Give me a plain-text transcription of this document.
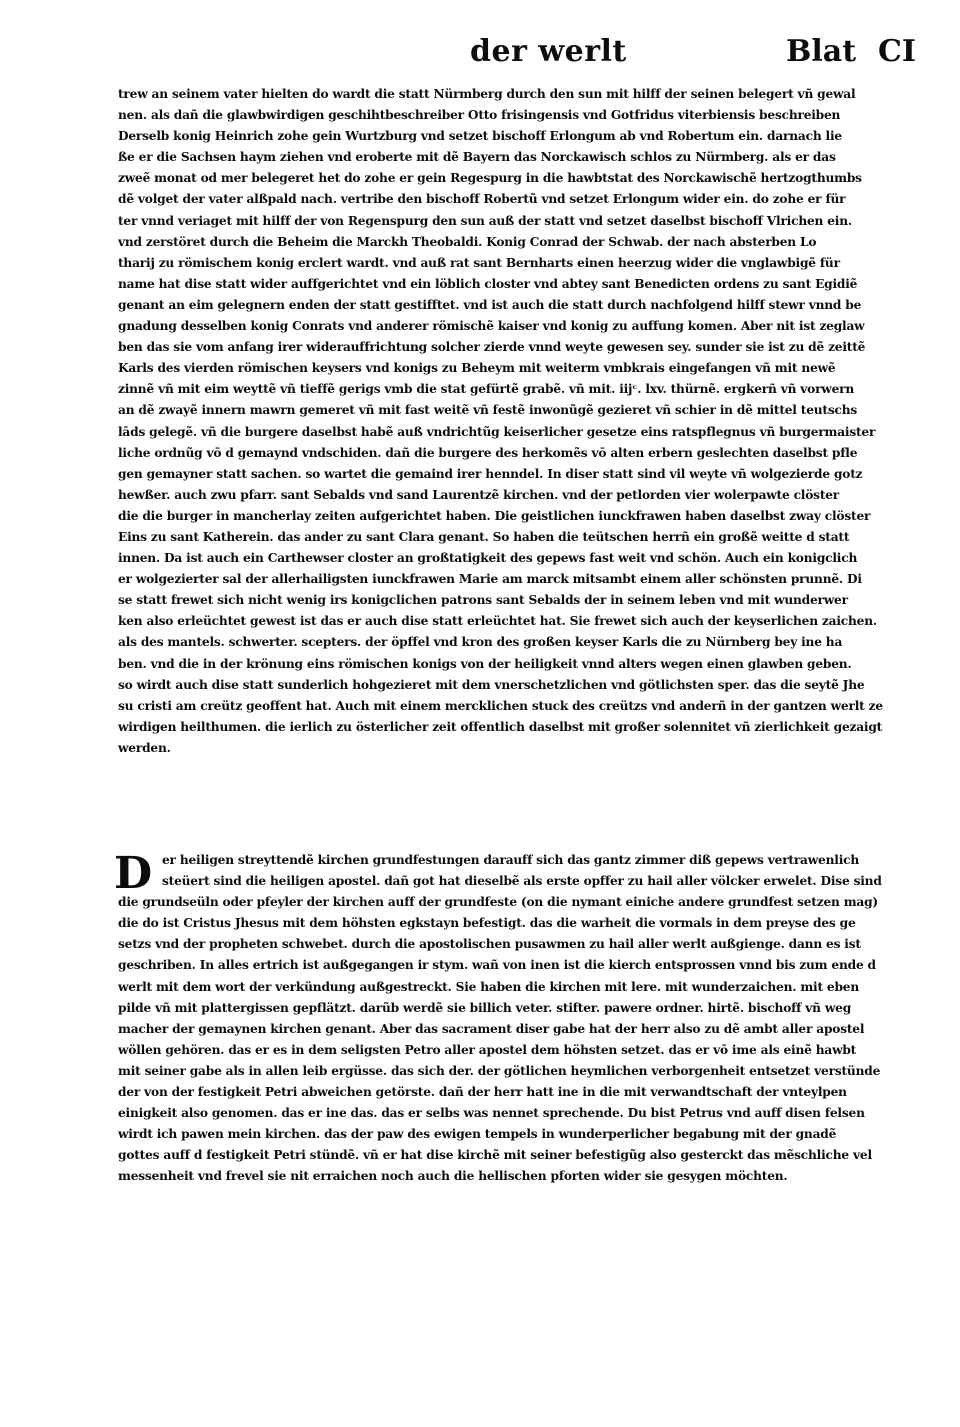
der werlt	Blat CI
trew an seinem vater hielten do wardt die statt Nürmberg durch den sun mit hilff der seinen belegert vñ gewal
nen. als dañ die glawbwirdigen geschihtbeschreiber Otto frisingensis vnd Gotfridus viterbiensis beschreiben
Derselb konig Heinrich zohe gein Wurtzburg vnd setzet bischoff Erlongum ab vnd Robertum ein. darnach lie
ße er die Sachsen haym ziehen vnd eroberte mit dẽ Bayern das Norckawisch schlos zu Nürmberg. als er das
zweẽ monat od mer belegeret het do zohe er gein Regespurg in die hawbtstat des Norckawischẽ hertzogthumbs
dẽ volget der vater alßpald nach. vertribe den bischoff Robertũ vnd setzet Erlongum wider ein. do zohe er für
ter vnnd veriaget mit hilff der von Regenspurg den sun auß der statt vnd setzet daselbst bischoff Vlrichen ein.
vnd zerstöret durch die Beheim die Marckh Theobaldi. Konig Conrad der Schwab. der nach absterben Lo
tharij zu römischem konig erclert wardt. vnd auß rat sant Bernharts einen heerzug wider die vnglawbigẽ für
name hat dise statt wider auffgerichtet vnd ein löblich closter vnd abtey sant Benedicten ordens zu sant Egidiẽ
genant an eim gelegnern enden der statt gestifftet. vnd ist auch die statt durch nachfolgend hilff stewr vnnd be
gnadung desselben konig Conrats vnd anderer römischẽ kaiser vnd konig zu auffung komen. Aber nit ist zeglaw
ben das sie vom anfang irer widerauffrichtung solcher zierde vnnd weyte gewesen sey. sunder sie ist zu dẽ zeittẽ
Karls des vierden römischen keysers vnd konigs zu Beheym mit weiterm vmbkrais eingefangen vñ mit newẽ
zinnẽ vñ mit eim weyttẽ vñ tieffẽ gerigs vmb die stat gefürtẽ grabẽ. vñ mit. iijᶜ. lxv. thürnẽ. ergkerñ vñ vorwern
an dẽ zwayẽ innern mawrn gemeret vñ mit fast weitẽ vñ festẽ inwonũgẽ gezieret vñ schier in dẽ mittel teutschs
lāds gelegẽ. vñ die burgere daselbst habẽ auß vndrichtũg keiserlicher gesetze eins ratspflegnus vñ burgermaister
liche ordnũg vō d gemaynd vndschiden. dañ die burgere des herkomẽs vō alten erbern geslechten daselbst pfle
gen gemayner statt sachen. so wartet die gemaind irer henndel. In diser statt sind vil weyte vñ wolgezierde gotz
hewßer. auch zwu pfarr. sant Sebalds vnd sand Laurentzẽ kirchen. vnd der petlorden vier wolerpawte clöster
die die burger in mancherlay zeiten aufgerichtet haben. Die geistlichen iunckfrawen haben daselbst zway clöster
Eins zu sant Katherein. das ander zu sant Clara genant. So haben die teütschen herrñ ein großẽ weitte d statt
innen. Da ist auch ein Carthewser closter an großtatigkeit des gepews fast weit vnd schön. Auch ein konigclich
er wolgezierter sal der allerhailigsten iunckfrawen Marie am marck mitsambt einem aller schönsten prunnẽ. Di
se statt frewet sich nicht wenig irs konigclichen patrons sant Sebalds der in seinem leben vnd mit wunderwer
ken also erleüchtet gewest ist das er auch dise statt erleüchtet hat. Sie frewet sich auch der keyserlichen zaichen.
als des mantels. schwerter. scepters. der öpffel vnd kron des großen keyser Karls die zu Nürnberg bey ine ha
ben. vnd die in der krönung eins römischen konigs von der heiligkeit vnnd alters wegen einen glawben geben.
so wirdt auch dise statt sunderlich hohgezieret mit dem vnerschetzlichen vnd götlichsten sper. das die seytẽ Jhe
su cristi am creütz geoffent hat. Auch mit einem mercklichen stuck des creützs vnd anderñ in der gantzen werlt ze
wirdigen heilthumen. die ierlich zu österlicher zeit offentlich daselbst mit großer solennitet vñ zierlichkeit gezaigt
werden.
D er heiligen streyttendẽ kirchen grundfestungen darauff sich das gantz zimmer diß gepews vertrawenlich
steüert sind die heiligen apostel. dañ got hat dieselbẽ als erste opffer zu hail aller völcker erwelet. Dise sind
die grundseüln oder pfeyler der kirchen auff der grundfeste (on die nymant einiche andere grundfest setzen mag)
die do ist Cristus Jhesus mit dem höhsten egkstayn befestigt. das die warheit die vormals in dem preyse des ge
setzs vnd der propheten schwebet. durch die apostolischen pusawmen zu hail aller werlt außgienge. dann es ist
geschriben. In alles ertrich ist außgegangen ir stym. wañ von inen ist die kierch entsprossen vnnd bis zum ende d
werlt mit dem wort der verkündung außgestreckt. Sie haben die kirchen mit lere. mit wunderzaichen. mit eben
pilde vñ mit plattergissen gepflätzt. darũb werdẽ sie billich veter. stifter. pawere ordner. hirtẽ. bischoff vñ weg
macher der gemaynen kirchen genant. Aber das sacrament diser gabe hat der herr also zu dẽ ambt aller apostel
wöllen gehören. das er es in dem seligsten Petro aller apostel dem höhsten setzet. das er vō ime als einẽ hawbt
mit seiner gabe als in allen leib ergüsse. das sich der. der götlichen heymlichen verborgenheit entsetzet verstünde
der von der festigkeit Petri abweichen getörste. dañ der herr hatt ine in die mit verwandtschaft der vnteylpen
einigkeit also genomen. das er ine das. das er selbs was nennet sprechende. Du bist Petrus vnd auff disen felsen
wirdt ich pawen mein kirchen. das der paw des ewigen tempels in wunderperlicher begabung mit der gnadẽ
gottes auff d festigkeit Petri stündẽ. vñ er hat dise kirchẽ mit seiner befestigũg also gesterckt das mẽschliche vel
messenheit vnd frevel sie nit erraichen noch auch die hellischen pforten wider sie gesygen möchten.
